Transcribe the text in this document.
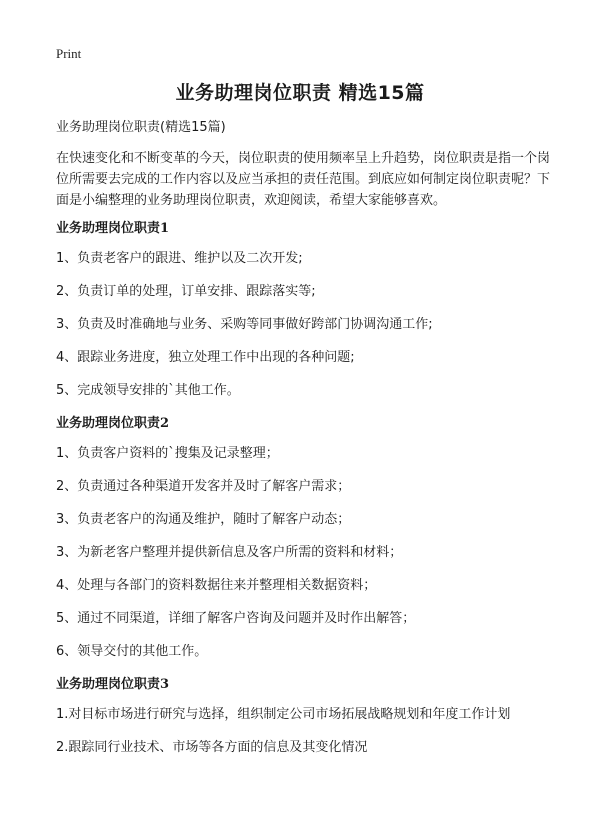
Print
业务助理岗位职责 精选15篇

业务助理岗位职责(精选15篇)

在快速变化和不断变革的今天，岗位职责的使用频率呈上升趋势，岗位职责是指一个岗位所需要去完成的工作内容以及应当承担的责任范围。到底应如何制定岗位职责呢？下面是小编整理的业务助理岗位职责，欢迎阅读，希望大家能够喜欢。

业务助理岗位职责1

1、负责老客户的跟进、维护以及二次开发;

2、负责订单的处理，订单安排、跟踪落实等;

3、负责及时准确地与业务、采购等同事做好跨部门协调沟通工作;

4、跟踪业务进度，独立处理工作中出现的各种问题;

5、完成领导安排的`其他工作。

业务助理岗位职责2

1、负责客户资料的`搜集及记录整理；

2、负责通过各种渠道开发客并及时了解客户需求；

3、负责老客户的沟通及维护，随时了解客户动态；

3、为新老客户整理并提供新信息及客户所需的资料和材料；

4、处理与各部门的资料数据往来并整理相关数据资料；

5、通过不同渠道，详细了解客户咨询及问题并及时作出解答；

6、领导交付的其他工作。

业务助理岗位职责3

1.对目标市场进行研究与选择，组织制定公司市场拓展战略规划和年度工作计划

2.跟踪同行业技术、市场等各方面的信息及其变化情况
